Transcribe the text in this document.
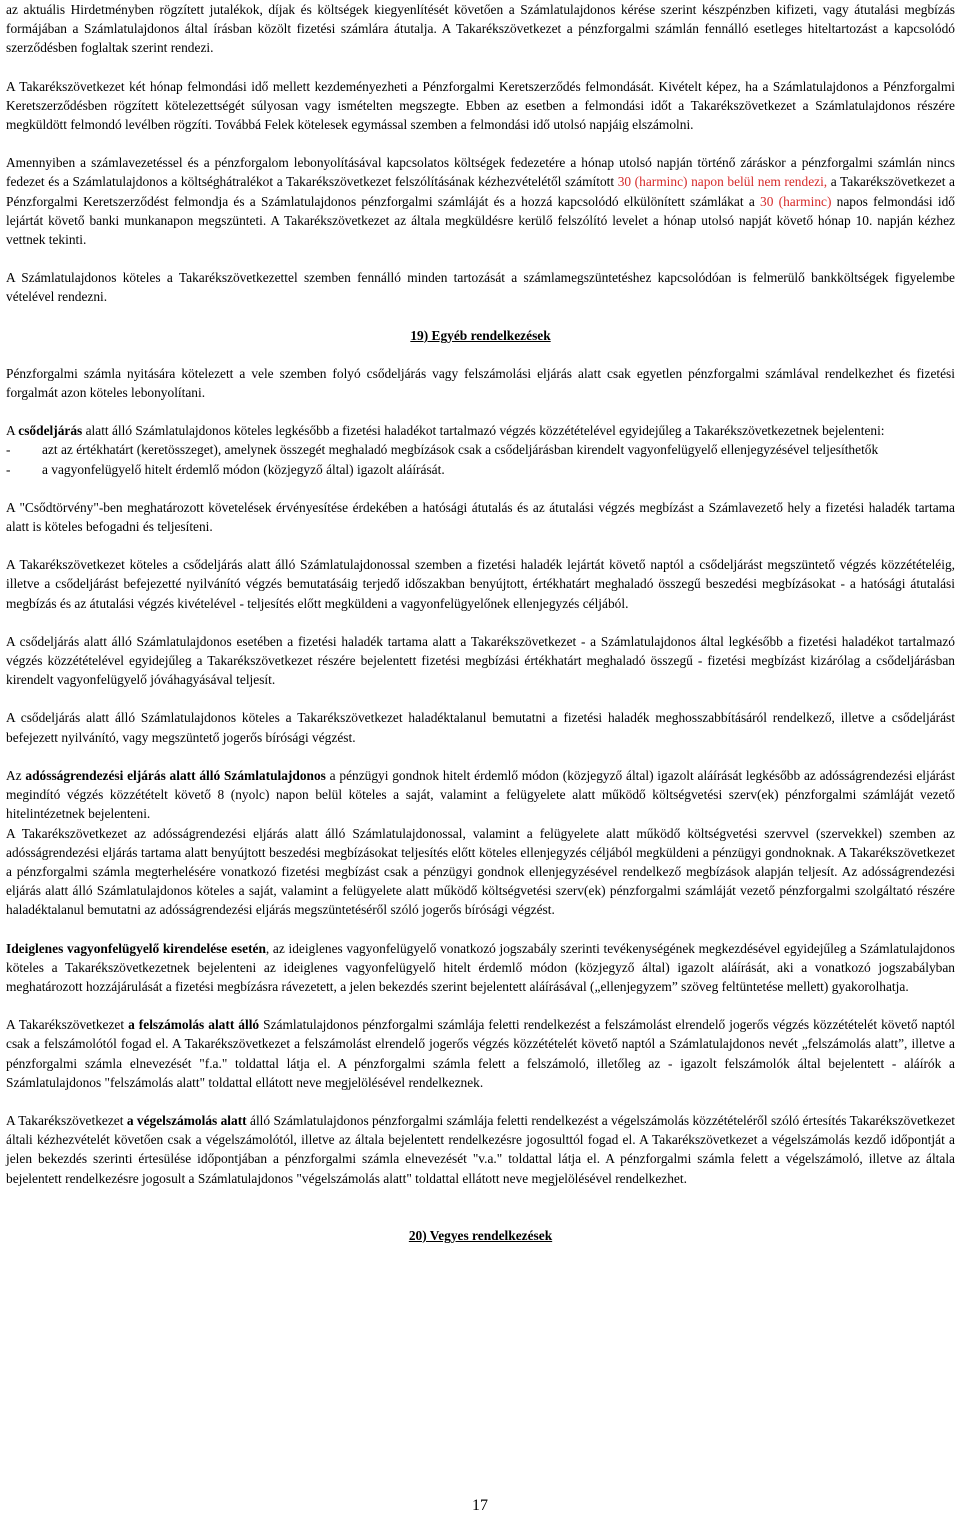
az aktuális Hirdetményben rögzített jutalékok, díjak és költségek kiegyenlítését követően a Számlatulajdonos kérése szerint készpénzben kifizeti, vagy átutalási megbízás formájában a Számlatulajdonos által írásban közölt fizetési számlára átutalja. A Takarékszövetkezet a pénzforgalmi számlán fennálló esetleges hiteltartozást a kapcsolódó szerződésben foglaltak szerint rendezi.

A Takarékszövetkezet két hónap felmondási idő mellett kezdeményezheti a Pénzforgalmi Keretszerződés felmondását. Kivételt képez, ha a Számlatulajdonos a Pénzforgalmi Keretszerződésben rögzített kötelezettségét súlyosan vagy ismételten megszegte. Ebben az esetben a felmondási időt a Takarékszövetkezet a Számlatulajdonos részére megküldött felmondó levélben rögzíti. Továbbá Felek kötelesek egymással szemben a felmondási idő utolsó napjáig elszámolni.

Amennyiben a számlavezetéssel és a pénzforgalom lebonyolításával kapcsolatos költségek fedezetére a hónap utolsó napján történő záráskor a pénzforgalmi számlán nincs fedezet és a Számlatulajdonos a költséghátralékot a Takarékszövetkezet felszólításának kézhezvételétől számított 30 (harminc) napon belül nem rendezi, a Takarékszövetkezet a Pénzforgalmi Keretszerződést felmondja és a Számlatulajdonos pénzforgalmi számláját és a hozzá kapcsolódó elkülönített számlákat a 30 (harminc) napos felmondási idő lejártát követő banki munkanapon megszünteti. A Takarékszövetkezet az általa megküldésre kerülő felszólító levelet a hónap utolsó napját követő hónap 10. napján kézhez vettnek tekinti.

A Számlatulajdonos köteles a Takarékszövetkezettel szemben fennálló minden tartozását a számlamegszüntetéshez kapcsolódóan is felmerülő bankköltségek figyelembe vételével rendezni.

19) Egyéb rendelkezések

Pénzforgalmi számla nyitására kötelezett a vele szemben folyó csődeljárás vagy felszámolási eljárás alatt csak egyetlen pénzforgalmi számlával rendelkezhet és fizetési forgalmát azon köteles lebonyolítani.

A csődeljárás alatt álló Számlatulajdonos köteles legkésőbb a fizetési haladékot tartalmazó végzés közzétételével egyidejűleg a Takarékszövetkezetnek bejelenteni:

-	azt az értékhatárt (keretösszeget), amelynek összegét meghaladó megbízások csak a csődeljárásban kirendelt vagyonfelügyelő ellenjegyzésével teljesíthetők
-	a vagyonfelügyelő hitelt érdemlő módon (közjegyző által) igazolt aláírását.

A "Csődtörvény"-ben meghatározott követelések érvényesítése érdekében a hatósági átutalás és az átutalási végzés megbízást a Számlavezető hely a fizetési haladék tartama alatt is köteles befogadni és teljesíteni.

A Takarékszövetkezet köteles a csődeljárás alatt álló Számlatulajdonossal szemben a fizetési haladék lejártát követő naptól a csődeljárást megszüntető végzés közzétételéig, illetve a csődeljárást befejezetté nyilvánító végzés bemutatásáig terjedő időszakban benyújtott, értékhatárt meghaladó összegű beszedési megbízásokat - a hatósági átutalási megbízás és az átutalási végzés kivételével - teljesítés előtt megküldeni a vagyonfelügyelőnek ellenjegyzés céljából.

A csődeljárás alatt álló Számlatulajdonos esetében a fizetési haladék tartama alatt a Takarékszövetkezet - a Számlatulajdonos által legkésőbb a fizetési haladékot tartalmazó végzés közzétételével egyidejűleg a Takarékszövetkezet részére bejelentett fizetési megbízási értékhatárt meghaladó összegű - fizetési megbízást kizárólag a csődeljárásban kirendelt vagyonfelügyelő jóváhagyásával teljesít.

A csődeljárás alatt álló Számlatulajdonos köteles a Takarékszövetkezet haladéktalanul bemutatni a fizetési haladék meghosszabbításáról rendelkező, illetve a csődeljárást befejezett nyilvánító, vagy megszüntető jogerős bírósági végzést.

Az adósságrendezési eljárás alatt álló Számlatulajdonos a pénzügyi gondnok hitelt érdemlő módon (közjegyző által) igazolt aláírását legkésőbb az adósságrendezési eljárást megindító végzés közzétételt követő 8 (nyolc) napon belül köteles a saját, valamint a felügyelete alatt működő költségvetési szerv(ek) pénzforgalmi számláját vezető hitelintézetnek bejelenteni.

A Takarékszövetkezet az adósságrendezési eljárás alatt álló Számlatulajdonossal, valamint a felügyelete alatt működő költségvetési szervvel (szervekkel) szemben az adósságrendezési eljárás tartama alatt benyújtott beszedési megbízásokat teljesítés előtt köteles ellenjegyzés céljából megküldeni a pénzügyi gondnoknak. A Takarékszövetkezet a pénzforgalmi számla megterhelésére vonatkozó fizetési megbízást csak a pénzügyi gondnok ellenjegyzésével rendelkező megbízások alapján teljesít. Az adósságrendezési eljárás alatt álló Számlatulajdonos köteles a saját, valamint a felügyelete alatt működő költségvetési szerv(ek) pénzforgalmi számláját vezető pénzforgalmi szolgáltató részére haladéktalanul bemutatni az adósságrendezési eljárás megszüntetéséről szóló jogerős bírósági végzést.

Ideiglenes vagyonfelügyelő kirendelése esetén, az ideiglenes vagyonfelügyelő vonatkozó jogszabály szerinti tevékenységének megkezdésével egyidejűleg a Számlatulajdonos köteles a Takarékszövetkezetnek bejelenteni az ideiglenes vagyonfelügyelő hitelt érdemlő módon (közjegyző által) igazolt aláírását, aki a vonatkozó jogszabályban meghatározott hozzájárulását a fizetési megbízásra rávezetett, a jelen bekezdés szerint bejelentett aláírásával („ellenjegyzem” szöveg feltüntetése mellett) gyakorolhatja.

A Takarékszövetkezet a felszámolás alatt álló Számlatulajdonos pénzforgalmi számlája feletti rendelkezést a felszámolást elrendelő jogerős végzés közzétételét követő naptól csak a felszámolótól fogad el. A Takarékszövetkezet a felszámolást elrendelő jogerős végzés közzétételét követő naptól a Számlatulajdonos nevét „felszámolás alatt”, illetve a pénzforgalmi számla elnevezését "f.a." toldattal látja el. A pénzforgalmi számla felett a felszámoló, illetőleg az - igazolt felszámolók által bejelentett - aláírók a Számlatulajdonos "felszámolás alatt" toldattal ellátott neve megjelölésével rendelkeznek.

A Takarékszövetkezet a végelszámolás alatt álló Számlatulajdonos pénzforgalmi számlája feletti rendelkezést a végelszámolás közzétételéről szóló értesítés Takarékszövetkezet általi kézhezvételét követően csak a végelszámolótól, illetve az általa bejelentett rendelkezésre jogosulttól fogad el. A Takarékszövetkezet a végelszámolás kezdő időpontját a jelen bekezdés szerinti értesülése időpontjában a pénzforgalmi számla elnevezését "v.a." toldattal látja el. A pénzforgalmi számla felett a végelszámoló, illetve az általa bejelentett rendelkezésre jogosult a Számlatulajdonos "végelszámolás alatt" toldattal ellátott neve megjelölésével rendelkezhet.

20) Vegyes rendelkezések
17
